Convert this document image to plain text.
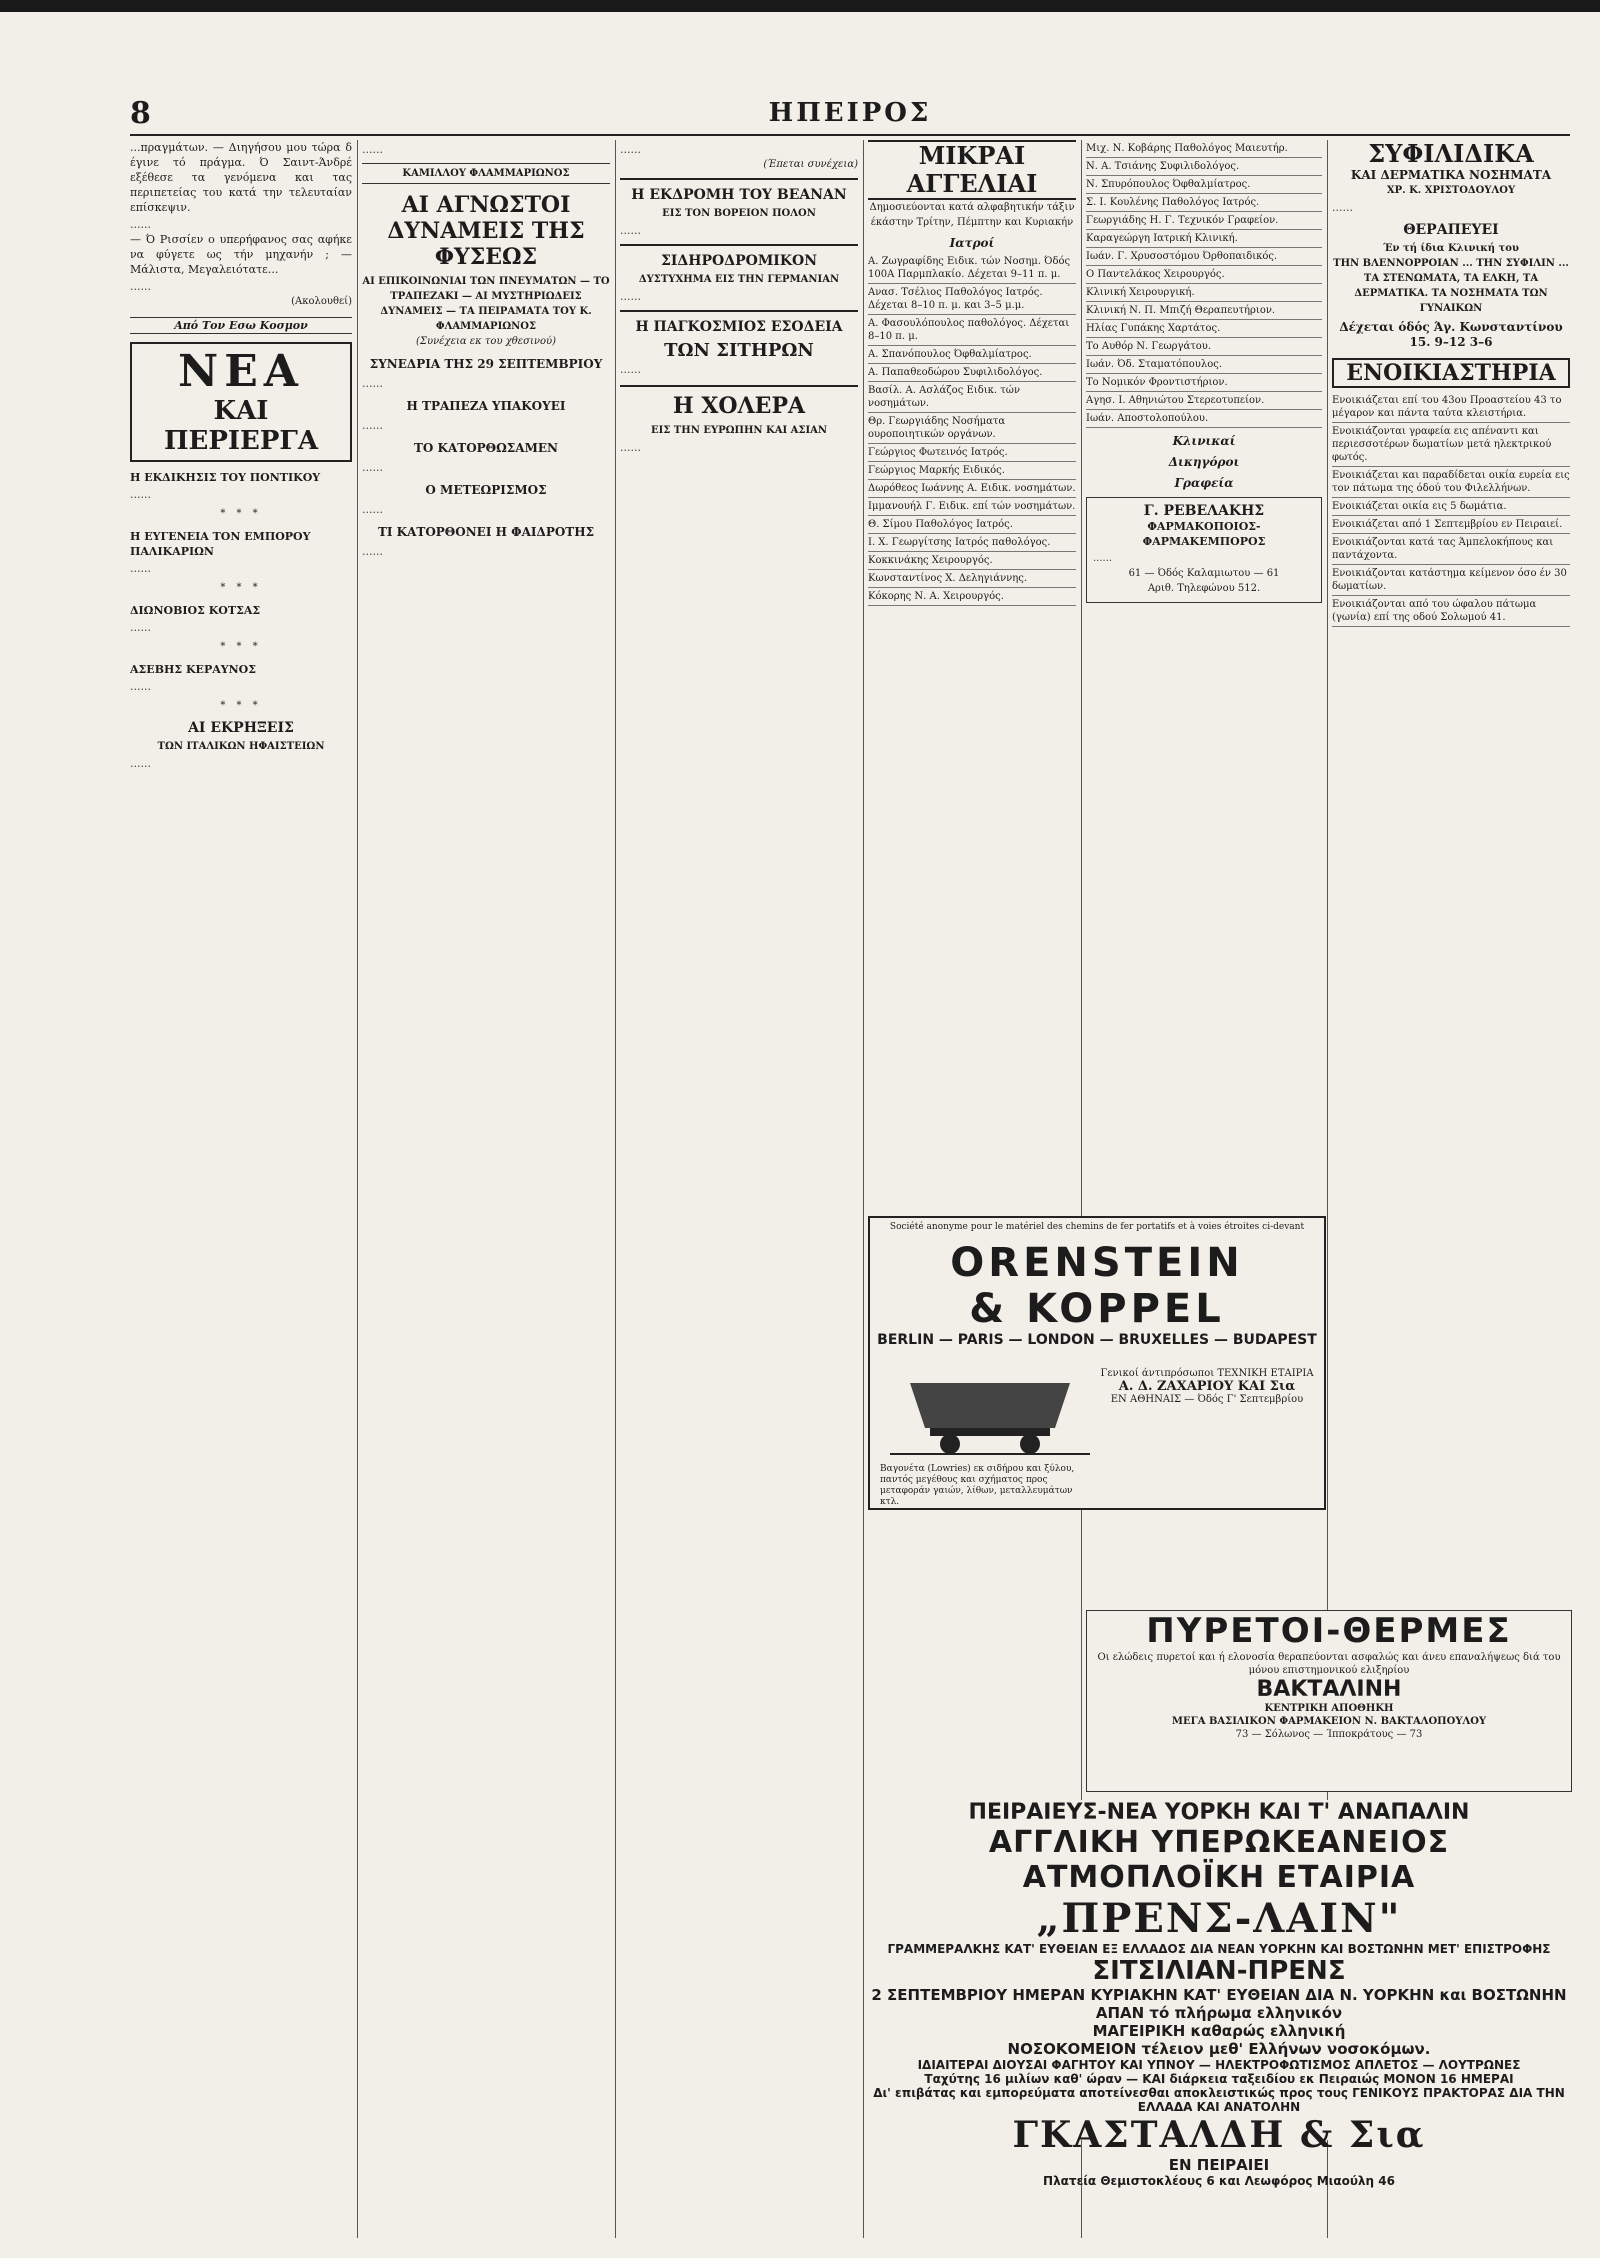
8	ΗΠΕΙΡΟΣ
...πραγμάτων. — Διηγήσου μου τώρα δ έγινε τό πράγμα. Ό Σαιντ-Άνδρέ εξέθεσε τα γενόμενα και τας περιπετείας του κατά την τελευταίαν επίσκεψιν.
......
— Ό Ρισσίεν ο υπερήφανος σας αφήκε να φύγετε ως τήν μηχανήν ; — Μάλιστα, Μεγαλειότατε...
......
(Ακολουθεί)
Από Τον Εσω Κοσμον
ΝΕΑ
ΚΑΙ ΠΕΡΙΕΡΓΑ
Η ΕΚΔΙΚΗΣΙΣ ΤΟΥ ΠΟΝΤΙΚΟΥ
......
* * *
Η ΕΥΓΕΝΕΙΑ ΤΟΝ ΕΜΠΟΡΟΥ ΠΑΛΙΚΑΡΙΩΝ
......
* * *
ΔΙΩΝΟΒΙΟΣ ΚΟΤΣΑΣ
......
* * *
ΑΣΕΒΗΣ ΚΕΡΑΥΝΟΣ
......
* * *
ΑΙ ΕΚΡΗΞΕΙΣ
ΤΩΝ ΙΤΑΛΙΚΩΝ ΗΦΑΙΣΤΕΙΩΝ
......
......
ΚΑΜΙΛΛΟΥ ΦΛΑΜΜΑΡΙΩΝΟΣ
ΑΙ ΑΓΝΩΣΤΟΙ ΔΥΝΑΜΕΙΣ ΤΗΣ ΦΥΣΕΩΣ
ΑΙ ΕΠΙΚΟΙΝΩΝΙΑΙ ΤΩΝ ΠΝΕΥΜΑΤΩΝ — ΤΟ ΤΡΑΠΕΖΑΚΙ — ΑΙ ΜΥΣΤΗΡΙΩΔΕΙΣ ΔΥΝΑΜΕΙΣ — ΤΑ ΠΕΙΡΑΜΑΤΑ ΤΟΥ Κ. ΦΛΑΜΜΑΡΙΩΝΟΣ
(Συνέχεια εκ του χθεσινού)
ΣΥΝΕΔΡΙΑ ΤΗΣ 29 ΣΕΠΤΕΜΒΡΙΟΥ
......
Η ΤΡΑΠΕΖΑ ΥΠΑΚΟΥΕΙ
......
ΤΟ ΚΑΤΟΡΘΩΣΑΜΕΝ
......
Ο ΜΕΤΕΩΡΙΣΜΟΣ
......
ΤΙ ΚΑΤΟΡΘΟΝΕΙ Η ΦΑΙΔΡΟΤΗΣ
......
......
(Έπεται συνέχεια)
Η ΕΚΔΡΟΜΗ ΤΟΥ ΒΕΑΝΑΝ
ΕΙΣ ΤΟΝ ΒΟΡΕΙΟΝ ΠΟΛΟΝ
......
ΣΙΔΗΡΟΔΡΟΜΙΚΟΝ
ΔΥΣΤΥΧΗΜΑ ΕΙΣ ΤΗΝ ΓΕΡΜΑΝΙΑΝ
......
Η ΠΑΓΚΟΣΜΙΟΣ ΕΣΟΔΕΙΑ
ΤΩΝ ΣΙΤΗΡΩΝ
......
Η ΧΟΛΕΡΑ
ΕΙΣ ΤΗΝ ΕΥΡΩΠΗΝ ΚΑΙ ΑΣΙΑΝ
......
ΜΙΚΡΑΙ ΑΓΓΕΛΙΑΙ
Δημοσιεύονται κατά αλφαβητικήν τάξιν έκάστην Τρίτην, Πέμπτην και Κυριακήν
Ιατροί
Α. Ζωγραφίδης Ειδικ. τών Νοσημ. Όδός 100Α Παρμπλακίο. Δέχεται 9–11 π. μ.
Ανασ. Τσέλιος Παθολόγος Ιατρός. Δέχεται 8–10 π. μ. και 3–5 μ.μ.
Α. Φασουλόπουλος παθολόγος. Δέχεται 8–10 π. μ.
Α. Σπανόπουλος Όφθαλμίατρος.
Α. Παπαθεοδώρου Συφιλιδολόγος.
Βασίλ. Α. Ασλάζος Ειδικ. τών νοσημάτων.
Θρ. Γεωργιάδης Νοσήματα ουροποιητικών οργάνων.
Γεώργιος Φωτεινός Ιατρός.
Γεώργιος Μαρκής Ειδικός.
Δωρόθεος Ιωάννης Α. Ειδικ. νοσημάτων.
Ιμμανουήλ Γ. Ειδικ. επί τών νοσημάτων.
Θ. Σίμου Παθολόγος Ιατρός.
Ι. Χ. Γεωργίτσης Ιατρός παθολόγος.
Κοκκινάκης Χειρουργός.
Κωνσταντίνος Χ. Δεληγιάννης.
Κόκορης Ν. Α. Χειρουργός.
Μιχ. Ν. Κοβάρης Παθολόγος Μαιευτήρ.
Ν. Α. Τσιάνης Συφιλιδολόγος.
Ν. Σπυρόπουλος Όφθαλμίατρος.
Σ. Ι. Κουλένης Παθολόγος Ιατρός.
Γεωργιάδης Η. Γ. Τεχνικόν Γραφείον.
Καραγεώργη Ιατρική Κλινική.
Ιωάν. Γ. Χρυσοστόμου Όρθοπαιδικός.
Ο Παντελάκος Χειρουργός.
Κλινική Χειρουργική.
Κλινική Ν. Π. Μπιζή Θεραπευτήριον.
Ηλίας Γυπάκης Χαρτάτος.
Το Αυθόρ Ν. Γεωργάτου.
Ιωάν. Όδ. Σταματόπουλος.
Το Νομικόν Φροντιστήριον.
Αγησ. Ι. Αθηνιώτου Στερεοτυπείον.
Ιωάν. Αποστολοπούλου.
Κλινικαί
Δικηγόροι
Γραφεία
Γ. ΡΕΒΕΛΑΚΗΣ
ΦΑΡΜΑΚΟΠΟΙΟΣ-ΦΑΡΜΑΚΕΜΠΟΡΟΣ
......
61 — Όδός Καλαμιωτου — 61
Αριθ. Τηλεφώνου 512.
ΣΥΦΙΛΙΔΙΚΑ
ΚΑΙ ΔΕΡΜΑΤΙΚΑ ΝΟΣΗΜΑΤΑ
ΧΡ. Κ. ΧΡΙΣΤΟΔΟΥΛΟΥ
......
ΘΕΡΑΠΕΥΕΙ
Έν τή ίδια Κλινική του
ΤΗΝ ΒΛΕΝΝΟΡΡΟΙΑΝ ... ΤΗΝ ΣΥΦΙΛΙΝ ... ΤΑ ΣΤΕΝΩΜΑΤΑ, ΤΑ ΕΛΚΗ, ΤΑ ΔΕΡΜΑΤΙΚΑ. ΤΑ ΝΟΣΗΜΑΤΑ ΤΩΝ ΓΥΝΑΙΚΩΝ
Δέχεται όδός Άγ. Κωνσταντίνου 15. 9–12 3–6
ΕΝΟΙΚΙΑΣΤΗΡΙΑ
Ενοικιάζεται επί του 43ου Προαστείου 43 το μέγαρον και πάντα ταύτα κλειστήρια.
Ενοικιάζονται γραφεία εις απέναντι και περιεσσοτέρων δωματίων μετά ηλεκτρικού φωτός.
Ενοικιάζεται και παραδίδεται οικία ευρεία εις τον πάτωμα της όδού του Φιλελλήνων.
Ενοικιάζεται οικία εις 5 δωμάτια.
Ενοικιάζεται από 1 Σεπτεμβρίου εν Πειραιεί.
Ενοικιάζονται κατά τας Άμπελοκήπους και παντάχοντα.
Ενοικιάζονται κατάστημα κείμενον όσο έν 30 δωματίων.
Ενοικιάζονται από του ώφαλου πάτωμα (γωνία) επί της οδού Σολωμού 41.
Société anonyme pour le matériel des chemins de fer portatifs et à voies étroites ci-devant
ORENSTEIN
& KOPPEL
BERLIN — PARIS — LONDON — BRUXELLES — BUDAPEST
Βαγονέτα (Lowries) εκ σιδήρου και ξύλου, παντός μεγέθους και σχήματος προς μεταφοράν γαιών, λίθων, μεταλλευμάτων κτλ.
Γενικοί άντιπρόσωποι ΤΕΧΝΙΚΗ ΕΤΑΙΡΙΑ
Α. Δ. ΖΑΧΑΡΙΟΥ ΚΑΙ Σια
ΕΝ ΑΘΗΝΑΙΣ — Όδός Γ' Σεπτεμβρίου
ΠΥΡΕΤΟΙ-ΘΕΡΜΕΣ
Οι ελώδεις πυρετοί και ή ελονοσία θεραπεύονται ασφαλώς και άνευ επαναλήψεως διά του μόνου επιστημονικού ελιξηρίου
ΒΑΚΤΑΛΙΝΗ
ΚΕΝΤΡΙΚΗ ΑΠΟΘΗΚΗ
ΜΕΓΑ ΒΑΣΙΛΙΚΟΝ ΦΑΡΜΑΚΕΙΟΝ Ν. ΒΑΚΤΑΛΟΠΟΥΛΟΥ
73 — Σόλωνος — Ίπποκράτους — 73
ΠΕΙΡΑΙΕΥΣ-ΝΕΑ ΥΟΡΚΗ ΚΑΙ Τ' ΑΝΑΠΑΛΙΝ
ΑΓΓΛΙΚΗ ΥΠΕΡΩΚΕΑΝΕΙΟΣ ΑΤΜΟΠΛΟΪΚΗ ΕΤΑΙΡΙΑ
„ΠΡΕΝΣ-ΛΑΙΝ"
ΓΡΑΜΜΕΡΑΛΚΗΣ ΚΑΤ' ΕΥΘΕΙΑΝ ΕΞ ΕΛΛΑΔΟΣ ΔΙΑ ΝΕΑΝ ΥΟΡΚΗΝ ΚΑΙ ΒΟΣΤΩΝΗΝ ΜΕΤ' ΕΠΙΣΤΡΟΦΗΣ
ΣΙΤΣΙΛΙΑΝ-ΠΡΕΝΣ
2 ΣΕΠΤΕΜΒΡΙΟΥ ΗΜΕΡΑΝ ΚΥΡΙΑΚΗΝ ΚΑΤ' ΕΥΘΕΙΑΝ ΔΙΑ Ν. ΥΟΡΚΗΝ και ΒΟΣΤΩΝΗΝ
ΑΠΑΝ τό πλήρωμα ελληνικόν
ΜΑΓΕΙΡΙΚΗ καθαρώς ελληνική
ΝΟΣΟΚΟΜΕΙΟΝ τέλειον μεθ' Ελλήνων νοσοκόμων.
ΙΔΙΑΙΤΕΡΑΙ ΔΙΟΥΣΑΙ ΦΑΓΗΤΟΥ ΚΑΙ ΥΠΝΟΥ — ΗΛΕΚΤΡΟΦΩΤΙΣΜΟΣ ΑΠΛΕΤΟΣ — ΛΟΥΤΡΩΝΕΣ
Ταχύτης 16 μιλίων καθ' ώραν — ΚΑΙ διάρκεια ταξειδίου εκ Πειραιώς ΜΟΝΟΝ 16 ΗΜΕΡΑΙ
Δι' επιβάτας και εμπορεύματα αποτείνεσθαι αποκλειστικώς προς τους ΓΕΝΙΚΟΥΣ ΠΡΑΚΤΟΡΑΣ ΔΙΑ ΤΗΝ ΕΛΛΑΔΑ ΚΑΙ ΑΝΑΤΟΛΗΝ
ΓΚΑΣΤΑΛΔΗ & Σια
ΕΝ ΠΕΙΡΑΙΕΙ
Πλατεία Θεμιστοκλέους 6 και Λεωφόρος Μιαούλη 46
